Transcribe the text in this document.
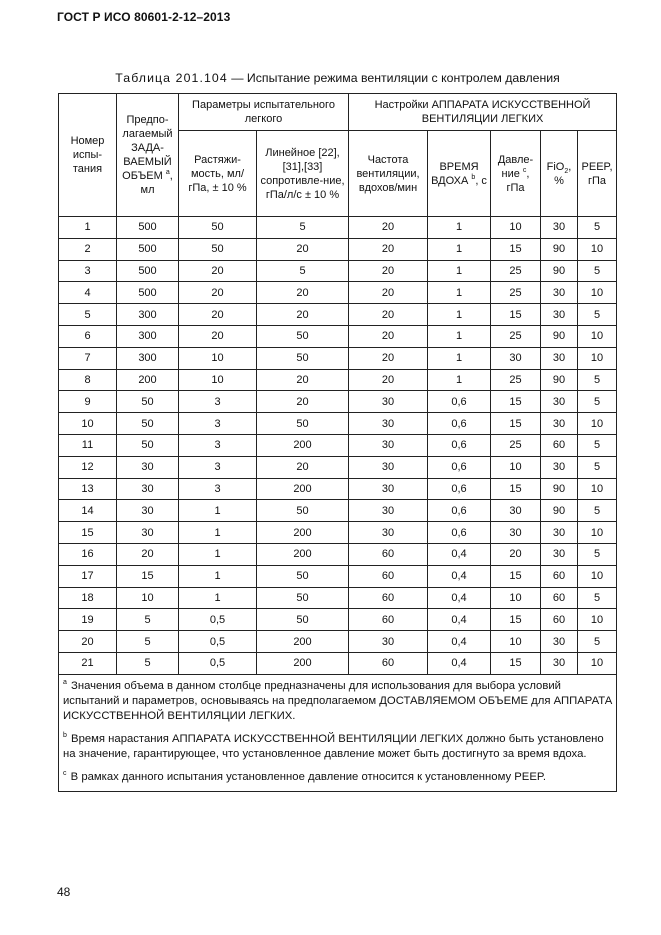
ГОСТ Р ИСО 80601-2-12–2013
Таблица 201.104 — Испытание режима вентиляции с контролем давления
Номер испы-тания	Предпо-лагаемый ЗАДА-ВАЕМЫЙ ОБЪЕМ $^a$, мл	Параметры испытательного легкого		Настройки АППАРАТА ИСКУССТВЕННОЙ ВЕНТИЛЯЦИИ ЛЕГКИХ				
		Растяжи-мость, мл/гПа, ± 10 %	Линейное [22],[31],[33] сопротивле-ние, гПа/л/с ± 10 %	Частота вентиляции, вдохов/мин	ВРЕМЯ ВДОХА $^b$, с	Давле-ние $^c$, гПа	FiO$_2$, %	PEEP, гПа
1	500	50	5	20	1	10	30	5
2	500	50	20	20	1	15	90	10
3	500	20	5	20	1	25	90	5
4	500	20	20	20	1	25	30	10
5	300	20	20	20	1	15	30	5
6	300	20	50	20	1	25	90	10
7	300	10	50	20	1	30	30	10
8	200	10	20	20	1	25	90	5
9	50	3	20	30	0,6	15	30	5
10	50	3	50	30	0,6	15	30	10
11	50	3	200	30	0,6	25	60	5
12	30	3	20	30	0,6	10	30	5
13	30	3	200	30	0,6	15	90	10
14	30	1	50	30	0,6	30	90	5
15	30	1	200	30	0,6	30	30	10
16	20	1	200	60	0,4	20	30	5
17	15	1	50	60	0,4	15	60	10
18	10	1	50	60	0,4	10	60	5
19	5	0,5	50	60	0,4	15	60	10
20	5	0,5	200	30	0,4	10	30	5
21	5	0,5	200	60	0,4	15	30	10

$^a$ Значения объема в данном столбце предназначены для использования для выбора условий испытаний и параметров, основываясь на предполагаемом ДОСТАВЛЯЕМОМ ОБЪЕМЕ для АППАРАТА ИСКУССТВЕННОЙ ВЕНТИЛЯЦИИ ЛЕГКИХ.

$^b$ Время нарастания АППАРАТА ИСКУССТВЕННОЙ ВЕНТИЛЯЦИИ ЛЕГКИХ должно быть установлено на значение, гарантирующее, что установленное давление может быть достигнуто за время вдоха.

$^c$ В рамках данного испытания установленное давление относится к установленному PEEP.								

48
